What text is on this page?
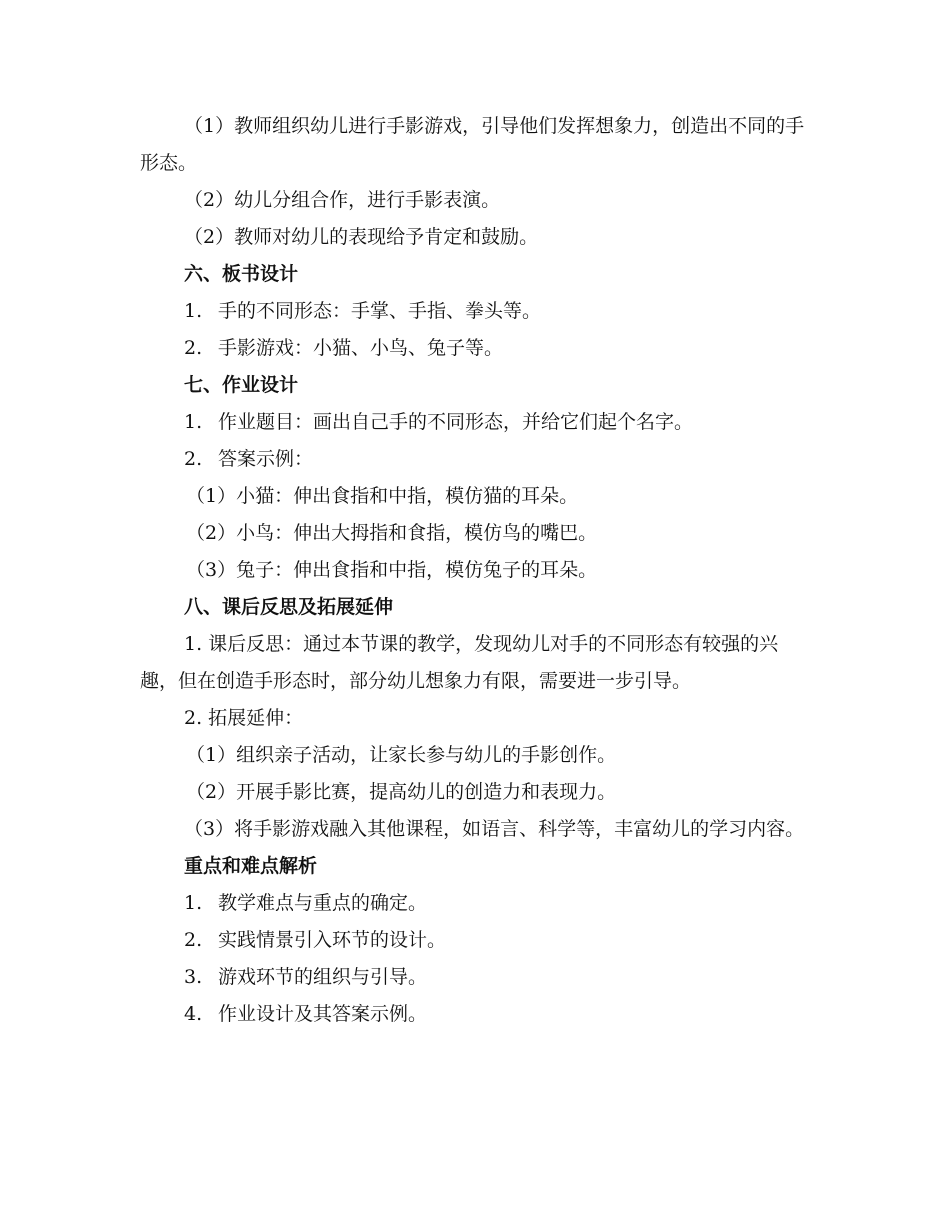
（1）教师组织幼儿进行手影游戏，引导他们发挥想象力，创造出不同的手形态。

（2）幼儿分组合作，进行手影表演。

（2）教师对幼儿的表现给予肯定和鼓励。

六、板书设计

1. 手的不同形态：手掌、手指、拳头等。

2. 手影游戏：小猫、小鸟、兔子等。

七、作业设计

1. 作业题目：画出自己手的不同形态，并给它们起个名字。

2. 答案示例：

（1）小猫：伸出食指和中指，模仿猫的耳朵。

（2）小鸟：伸出大拇指和食指，模仿鸟的嘴巴。

（3）兔子：伸出食指和中指，模仿兔子的耳朵。

八、课后反思及拓展延伸

1. 课后反思：通过本节课的教学，发现幼儿对手的不同形态有较强的兴趣，但在创造手形态时，部分幼儿想象力有限，需要进一步引导。

2. 拓展延伸：

（1）组织亲子活动，让家长参与幼儿的手影创作。

（2）开展手影比赛，提高幼儿的创造力和表现力。

（3）将手影游戏融入其他课程，如语言、科学等，丰富幼儿的学习内容。

重点和难点解析

1. 教学难点与重点的确定。

2. 实践情景引入环节的设计。

3. 游戏环节的组织与引导。

4. 作业设计及其答案示例。
